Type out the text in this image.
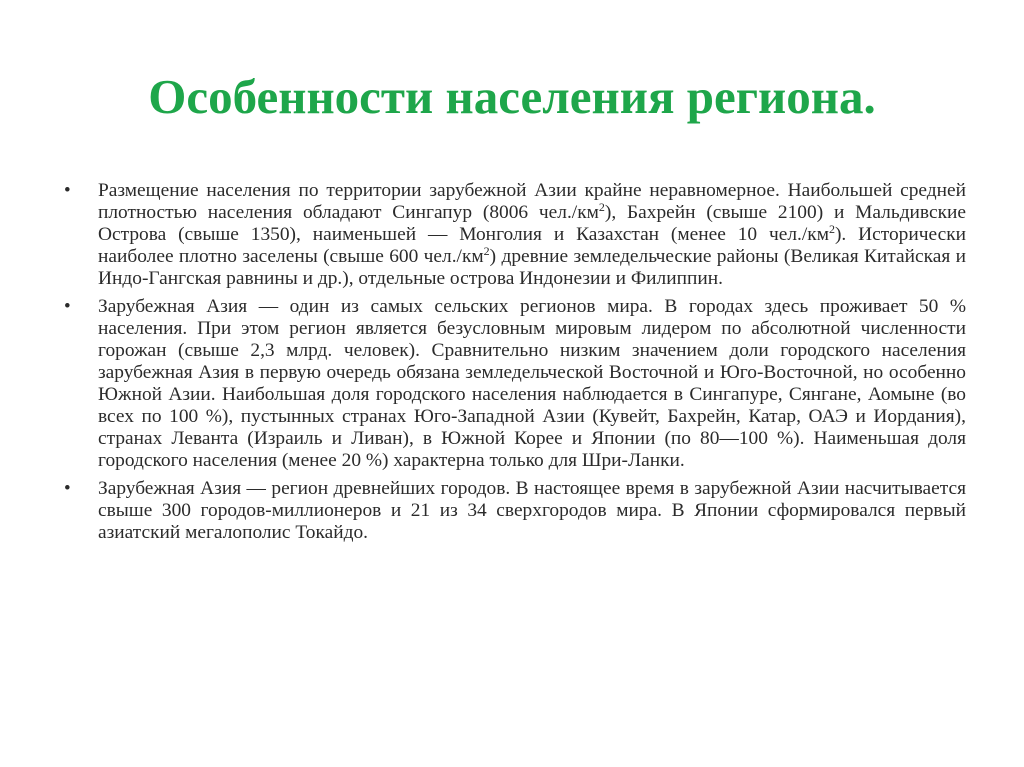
Особенности населения региона.
• Размещение населения по территории зарубежной Азии крайне неравномерное. Наибольшей средней плотностью населения обладают Сингапур (8006 $чел./км^2$), Бахрейн (свыше 2100) и Мальдивские Острова (свыше 1350), наименьшей — Монголия и Казахстан (менее 10 $чел./км^2$). Исторически наиболее плотно заселены (свыше 600 $чел./км^2$) древние земледельческие районы (Великая Китайская и Индо-Гангская равнины и др.), отдельные острова Индонезии и Филиппин.
• Зарубежная Азия — один из самых сельских регионов мира. В городах здесь проживает 50 % населения. При этом регион является безусловным мировым лидером по абсолютной численности горожан (свыше 2,3 млрд. человек). Сравнительно низким значением доли городского населения зарубежная Азия в первую очередь обязана земледельческой Восточной и Юго-Восточной, но особенно Южной Азии. Наибольшая доля городского населения наблюдается в Сингапуре, Сянгане, Аомыне (во всех по 100 %), пустынных странах Юго-Западной Азии (Кувейт, Бахрейн, Катар, ОАЭ и Иордания), странах Леванта (Израиль и Ливан), в Южной Корее и Японии (по 80—100 %). Наименьшая доля городского населения (менее 20 %) характерна только для Шри-Ланки.
• Зарубежная Азия — регион древнейших городов. В настоящее время в зарубежной Азии насчитывается свыше 300 городов-миллионеров и 21 из 34 сверхгородов мира. В Японии сформировался первый азиатский мегалополис Токайдо.
